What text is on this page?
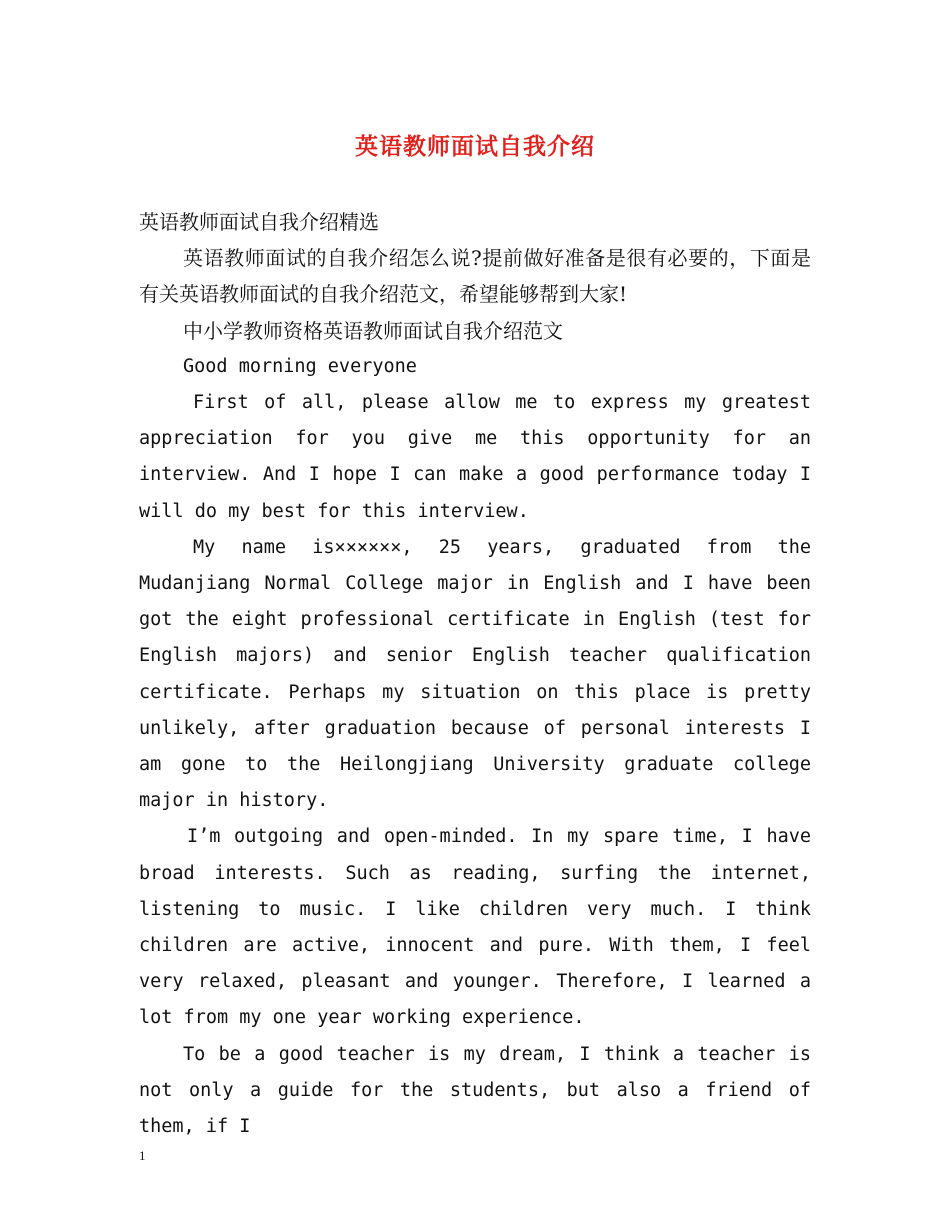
英语教师面试自我介绍

英语教师面试自我介绍精选

英语教师面试的自我介绍怎么说?提前做好准备是很有必要的，下面是有关英语教师面试的自我介绍范文，希望能够帮到大家!

中小学教师资格英语教师面试自我介绍范文

Good morning everyone

First of all, please allow me to express my greatest appreciation for you give me this opportunity for an interview. And I hope I can make a good performance today I will do my best for this interview.

My name is××××××, 25 years, graduated from the Mudanjiang Normal College major in English and I have been got the eight professional certificate in English (test for English majors) and senior English teacher qualification certificate. Perhaps my situation on this place is pretty unlikely, after graduation because of personal interests I am gone to the Heilongjiang University graduate college major in history.

I’m outgoing and open-minded. In my spare time, I have broad interests. Such as reading, surfing the internet, listening to music. I like children very much. I think children are active, innocent and pure. With them, I feel very relaxed, pleasant and younger. Therefore, I learned a lot from my one year working experience.

To be a good teacher is my dream, I think a teacher is not only a guide for the students, but also a friend of them, if I

1
